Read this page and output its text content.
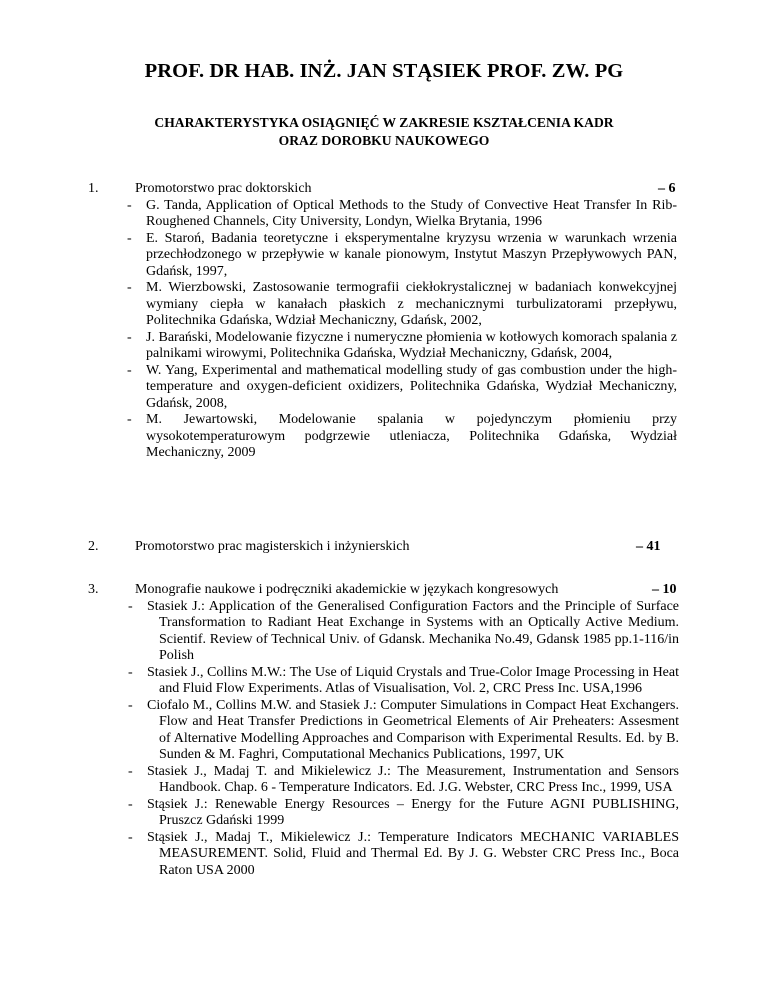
PROF. DR HAB. INŻ. JAN STĄSIEK PROF. ZW. PG
CHARAKTERYSTYKA OSIĄGNIĘĆ W ZAKRESIE KSZTAŁCENIA KADR
ORAZ DOROBKU NAUKOWEGO
1.	Promotorstwo prac doktorskich	– 6
- G. Tanda, Application of Optical Methods to the Study of Convective Heat Transfer In Rib-Roughened Channels, City University, Londyn, Wielka Brytania, 1996
- E. Staroń, Badania teoretyczne i eksperymentalne kryzysu wrzenia w warunkach wrzenia przechłodzonego w przepływie w kanale pionowym, Instytut Maszyn Przepływowych PAN, Gdańsk, 1997,
- M. Wierzbowski, Zastosowanie termografii ciekłokrystalicznej w badaniach konwekcyjnej wymiany ciepła w kanałach płaskich z mechanicznymi turbulizatorami przepływu, Politechnika Gdańska, Wdział Mechaniczny, Gdańsk, 2002,
- J. Barański, Modelowanie fizyczne i numeryczne płomienia w kotłowych komorach spalania z palnikami wirowymi, Politechnika Gdańska, Wydział Mechaniczny, Gdańsk, 2004,
- W. Yang, Experimental and mathematical modelling study of gas combustion under the high-temperature and oxygen-deficient oxidizers, Politechnika Gdańska, Wydział Mechaniczny, Gdańsk, 2008,
- M. Jewartowski, Modelowanie spalania w pojedynczym płomieniu przy wysokotemperaturowym podgrzewie utleniacza, Politechnika Gdańska, Wydział Mechaniczny, 2009
2.	Promotorstwo prac magisterskich i inżynierskich	– 41
3.	Monografie naukowe i podręczniki akademickie w językach kongresowych	– 10
- Stasiek J.: Application of the Generalised Configuration Factors and the Principle of Surface Transformation to Radiant Heat Exchange in Systems with an Optically Active Medium. Scientif. Review of Technical Univ. of Gdansk. Mechanika No.49, Gdansk 1985 pp.1-116/in Polish
- Stasiek J., Collins M.W.: The Use of Liquid Crystals and True-Color Image Processing in Heat and Fluid Flow Experiments. Atlas of Visualisation, Vol. 2, CRC Press Inc. USA,1996
- Ciofalo M., Collins M.W. and Stasiek J.: Computer Simulations in Compact Heat Exchangers. Flow and Heat Transfer Predictions in Geometrical Elements of Air Preheaters: Assesment of Alternative Modelling Approaches and Comparison with Experimental Results. Ed. by B. Sunden & M. Faghri, Computational Mechanics Publications, 1997, UK
- Stasiek J., Madaj T. and Mikielewicz J.: The Measurement, Instrumentation and Sensors Handbook. Chap. 6 - Temperature Indicators. Ed. J.G. Webster, CRC Press Inc., 1999, USA
- Stąsiek J.: Renewable Energy Resources – Energy for the Future AGNI PUBLISHING, Pruszcz Gdański 1999
- Stąsiek J., Madaj T., Mikielewicz J.: Temperature Indicators MECHANIC VARIABLES MEASUREMENT. Solid, Fluid and Thermal Ed. By J. G. Webster CRC Press Inc., Boca Raton USA 2000
